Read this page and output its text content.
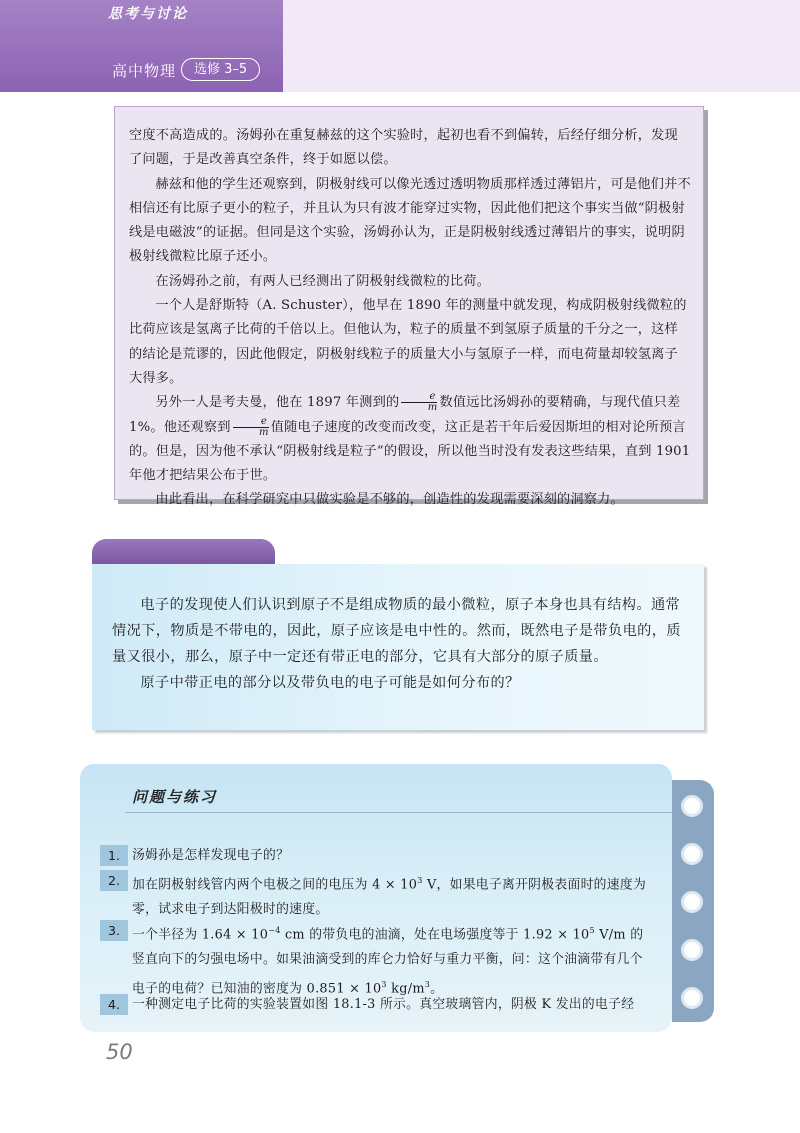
高中物理	选修 3–5

空度不高造成的。汤姆孙在重复赫兹的这个实验时，起初也看不到偏转，后经仔细分析，发现了问题，于是改善真空条件，终于如愿以偿。

赫兹和他的学生还观察到，阴极射线可以像光透过透明物质那样透过薄铝片，可是他们并不相信还有比原子更小的粒子，并且认为只有波才能穿过实物，因此他们把这个事实当做“阴极射线是电磁波”的证据。但同是这个实验，汤姆孙认为，正是阴极射线透过薄铝片的事实，说明阴极射线微粒比原子还小。

在汤姆孙之前，有两人已经测出了阴极射线微粒的比荷。

一个人是舒斯特（A. Schuster），他早在 1890 年的测量中就发现，构成阴极射线微粒的比荷应该是氢离子比荷的千倍以上。但他认为，粒子的质量不到氢原子质量的千分之一，这样的结论是荒谬的，因此他假定，阴极射线粒子的质量大小与氢原子一样，而电荷量却较氢离子大得多。

另外一人是考夫曼，他在 1897 年测到的 $\frac{e}{m}$ 数值远比汤姆孙的要精确，与现代值只差 1%。他还观察到 $\frac{e}{m}$ 值随电子速度的改变而改变，这正是若干年后爱因斯坦的相对论所预言的。但是，因为他不承认“阴极射线是粒子”的假设，所以他当时没有发表这些结果，直到 1901 年他才把结果公布于世。

由此看出，在科学研究中只做实验是不够的，创造性的发现需要深刻的洞察力。

思考与讨论

电子的发现使人们认识到原子不是组成物质的最小微粒，原子本身也具有结构。通常情况下，物质是不带电的，因此，原子应该是电中性的。然而，既然电子是带负电的，质量又很小，那么，原子中一定还有带正电的部分，它具有大部分的原子质量。

原子中带正电的部分以及带负电的电子可能是如何分布的？

问题与练习
1. 汤姆孙是怎样发现电子的？
2. 加在阴极射线管内两个电极之间的电压为 $4 \times 10^3$ V，如果电子离开阴极表面时的速度为零，试求电子到达阳极时的速度。
3. 一个半径为 $1.64 \times 10^{-4}$ cm 的带负电的油滴，处在电场强度等于 $1.92 \times 10^5$ V/m 的竖直向下的匀强电场中。如果油滴受到的库仑力恰好与重力平衡，问：这个油滴带有几个电子的电荷？已知油的密度为 $0.851 \times 10^3$ $kg/m^3$。
4. 一种测定电子比荷的实验装置如图 18.1-3 所示。真空玻璃管内，阴极 K 发出的电子经
50
